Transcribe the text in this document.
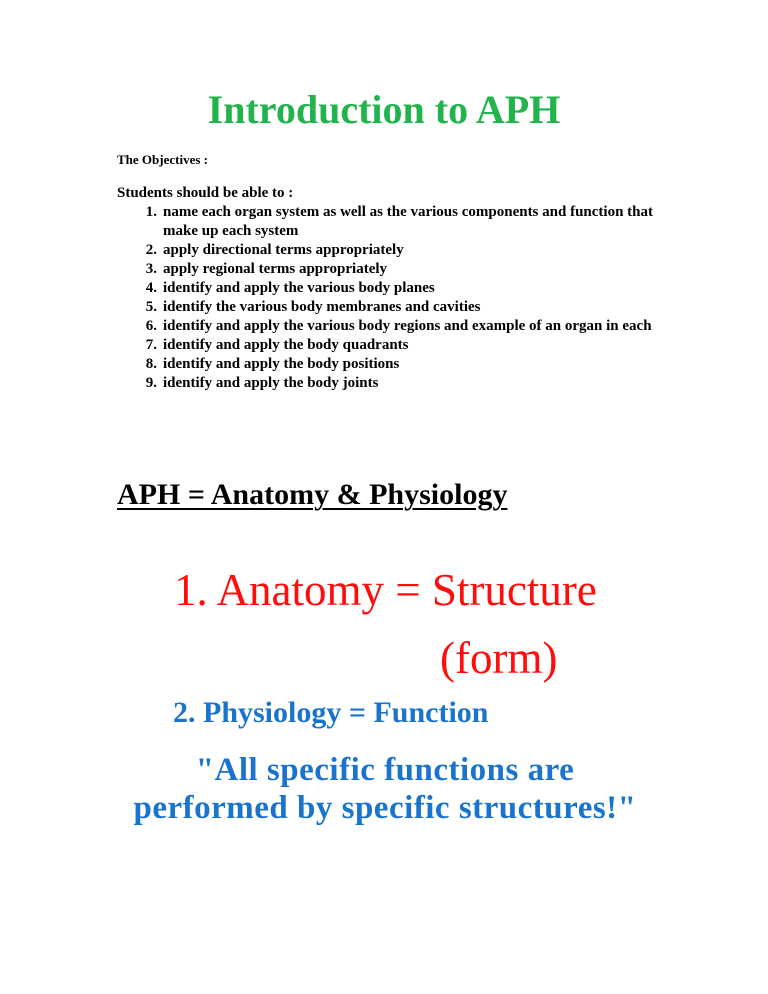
Introduction to APH

The Objectives :

Students should be able to :

1. name each organ system as well as the various components and function that make up each system
2. apply directional terms appropriately
3. apply regional terms appropriately
4. identify and apply the various body planes
5. identify the various body membranes and cavities
6. identify and apply the various body regions and example of an organ in each
7. identify and apply the body quadrants
8. identify and apply the body positions
9. identify and apply the body joints
APH = Anatomy & Physiology

1. Anatomy = Structure

(form)

2. Physiology = Function

"All specific functions are
performed by specific structures!"
